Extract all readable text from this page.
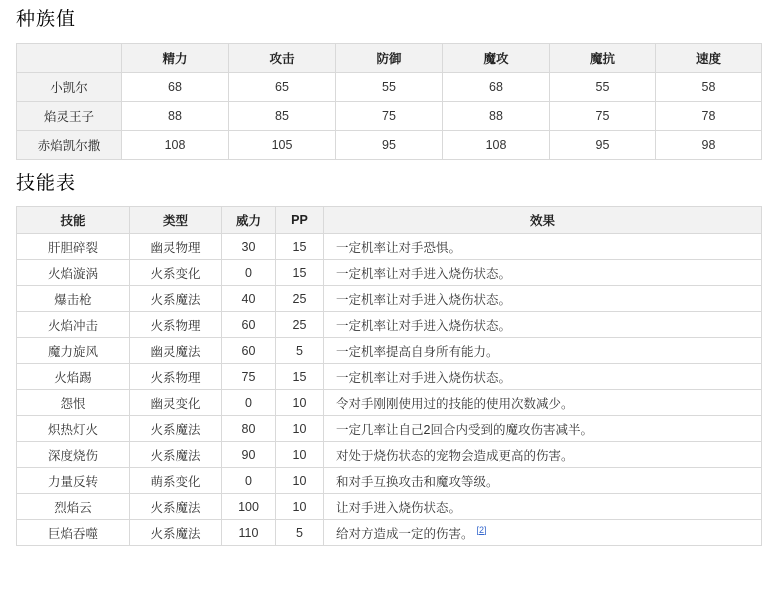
种族值
	精力	攻击	防御	魔攻	魔抗	速度
小凯尔	68	65	55	68	55	58
焰灵王子	88	85	75	88	75	78
赤焰凯尔撒	108	105	95	108	95	98
技能表
技能	类型	威力	PP	效果
肝胆碎裂	幽灵物理	30	15	一定机率让对手恐惧。
火焰漩涡	火系变化	0	15	一定机率让对手进入烧伤状态。
爆击枪	火系魔法	40	25	一定机率让对手进入烧伤状态。
火焰冲击	火系物理	60	25	一定机率让对手进入烧伤状态。
魔力旋风	幽灵魔法	60	5	一定机率提高自身所有能力。
火焰踢	火系物理	75	15	一定机率让对手进入烧伤状态。
怨恨	幽灵变化	0	10	令对手刚刚使用过的技能的使用次数减少。
炽热灯火	火系魔法	80	10	一定几率让自己2回合内受到的魔攻伤害减半。
深度烧伤	火系魔法	90	10	对处于烧伤状态的宠物会造成更高的伤害。
力量反转	萌系变化	0	10	和对手互换攻击和魔攻等级。
烈焰云	火系魔法	100	10	让对手进入烧伤状态。
巨焰吞噬	火系魔法	110	5	给对方造成一定的伤害。 [2]
